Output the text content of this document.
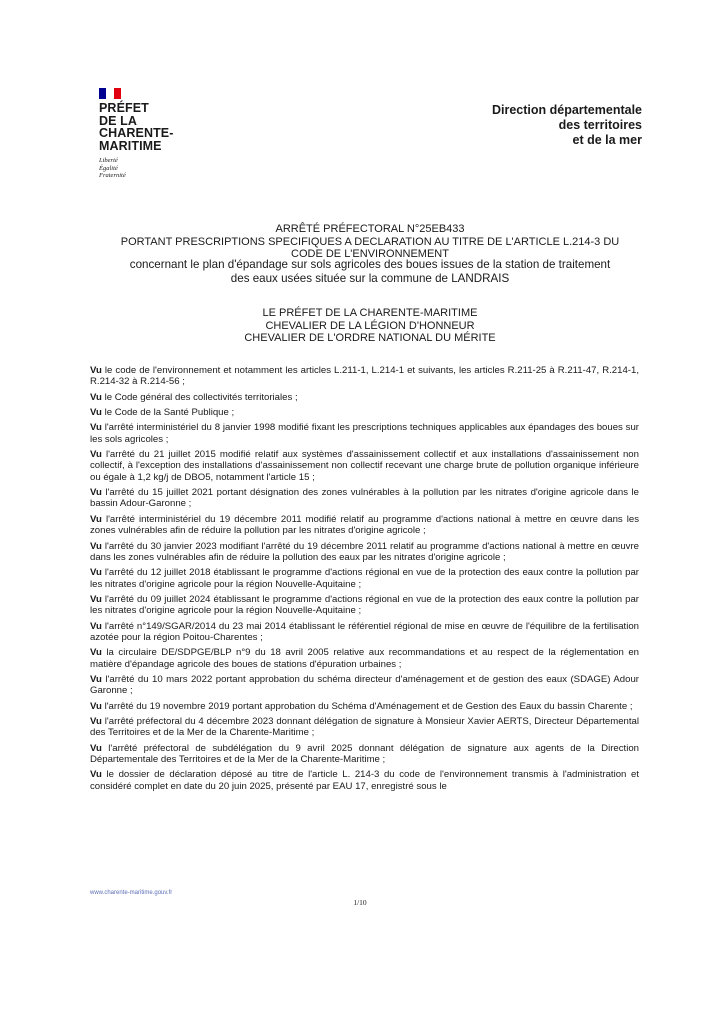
PRÉFET
DE LA
CHARENTE-
MARITIME
Liberté
Égalité
Fraternité
Direction départementale
des territoires
et de la mer
ARRÊTÉ PRÉFECTORAL N°25EB433
PORTANT PRESCRIPTIONS SPECIFIQUES A DECLARATION AU TITRE DE L'ARTICLE L.214-3 DU
CODE DE L'ENVIRONNEMENT
concernant le plan d'épandage sur sols agricoles des boues issues de la station de traitement
des eaux usées située sur la commune de LANDRAIS
LE PRÉFET DE LA CHARENTE-MARITIME
CHEVALIER DE LA LÉGION D'HONNEUR
CHEVALIER DE L'ORDRE NATIONAL DU MÉRITE
Vu le code de l'environnement et notamment les articles L.211-1, L.214-1 et suivants, les articles R.211-25 à R.211-47, R.214-1, R.214-32 à R.214-56 ;
Vu le Code général des collectivités territoriales ;
Vu le Code de la Santé Publique ;
Vu l'arrêté interministériel du 8 janvier 1998 modifié fixant les prescriptions techniques applicables aux épandages des boues sur les sols agricoles ;
Vu l'arrêté du 21 juillet 2015 modifié relatif aux systèmes d'assainissement collectif et aux installations d'assainissement non collectif, à l'exception des installations d'assainissement non collectif recevant une charge brute de pollution organique inférieure ou égale à 1,2 kg/j de DBO5, notamment l'article 15 ;
Vu l'arrêté du 15 juillet 2021 portant désignation des zones vulnérables à la pollution par les nitrates d'origine agricole dans le bassin Adour-Garonne ;
Vu l'arrêté interministériel du 19 décembre 2011 modifié relatif au programme d'actions national à mettre en œuvre dans les zones vulnérables afin de réduire la pollution par les nitrates d'origine agricole ;
Vu l'arrêté du 30 janvier 2023 modifiant l'arrêté du 19 décembre 2011 relatif au programme d'actions national à mettre en œuvre dans les zones vulnérables afin de réduire la pollution des eaux par les nitrates d'origine agricole ;
Vu l'arrêté du 12 juillet 2018 établissant le programme d'actions régional en vue de la protection des eaux contre la pollution par les nitrates d'origine agricole pour la région Nouvelle-Aquitaine ;
Vu l'arrêté du 09 juillet 2024 établissant le programme d'actions régional en vue de la protection des eaux contre la pollution par les nitrates d'origine agricole pour la région Nouvelle-Aquitaine ;
Vu l'arrêté n°149/SGAR/2014 du 23 mai 2014 établissant le référentiel régional de mise en œuvre de l'équilibre de la fertilisation azotée pour la région Poitou-Charentes ;
Vu la circulaire DE/SDPGE/BLP n°9 du 18 avril 2005 relative aux recommandations et au respect de la réglementation en matière d'épandage agricole des boues de stations d'épuration urbaines ;
Vu l'arrêté du 10 mars 2022 portant approbation du schéma directeur d'aménagement et de gestion des eaux (SDAGE) Adour Garonne ;
Vu l'arrêté du 19 novembre 2019 portant approbation du Schéma d'Aménagement et de Gestion des Eaux du bassin Charente ;
Vu l'arrêté préfectoral du 4 décembre 2023 donnant délégation de signature à Monsieur Xavier AERTS, Directeur Départemental des Territoires et de la Mer de la Charente-Maritime ;
Vu l'arrêté préfectoral de subdélégation du 9 avril 2025 donnant délégation de signature aux agents de la Direction Départementale des Territoires et de la Mer de la Charente-Maritime ;
Vu le dossier de déclaration déposé au titre de l'article L. 214-3 du code de l'environnement transmis à l'administration et considéré complet en date du 20 juin 2025, présenté par EAU 17, enregistré sous le
www.charente-maritime.gouv.fr
1/10
